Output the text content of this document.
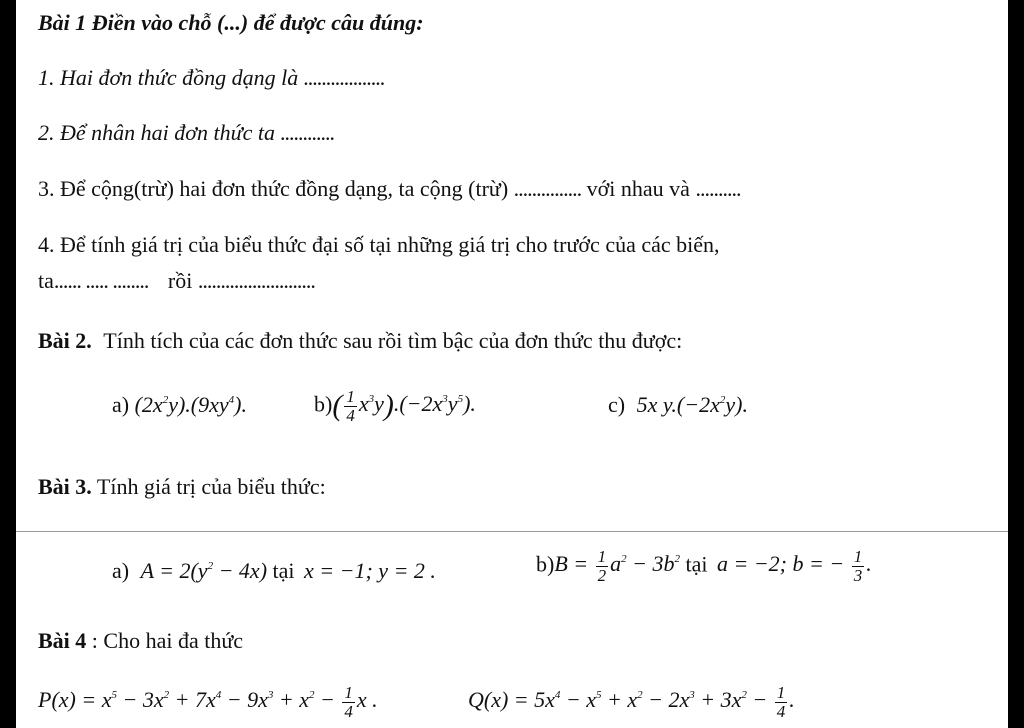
Bài 1 Điền vào chỗ (...) để được câu đúng:
1. Hai đơn thức đồng dạng là ..................
2. Để nhân hai đơn thức ta ............
3. Để cộng(trừ) hai đơn thức đồng dạng, ta cộng (trừ) ............... với nhau và ..........
4. Để tính giá trị của biểu thức đại số tại những giá trị cho trước của các biến,
ta...... ..... ........ rồi ..........................
Bài 2. Tính tích của các đơn thức sau rồi tìm bậc của đơn thức thu được:
a) $(2x^2y).(9xy^4)$.	$b)( \frac{1}{4} x^3y).(-2x^3y^5)$.	c) 5x $y.(-2x^2y)$.
Bài 3. Tính giá trị của biểu thức:
a) $A = 2(y^2 - 4x)$ tại x = −1; y = 2 .	$b)B = \frac{1}{2} a^2 - 3b^2$ tại a = −2; b = − $\frac{1}{3}$ .
Bài 4 : Cho hai đa thức
$P(x) = x^5 - 3x^2 + 7x^4 - 9x^3 + x^2 - \frac{1}{4}$ x .	$Q(x) = 5x^4 - x^5 + x^2 - 2x^3 + 3x^2 - \frac{1}{4}$ .
